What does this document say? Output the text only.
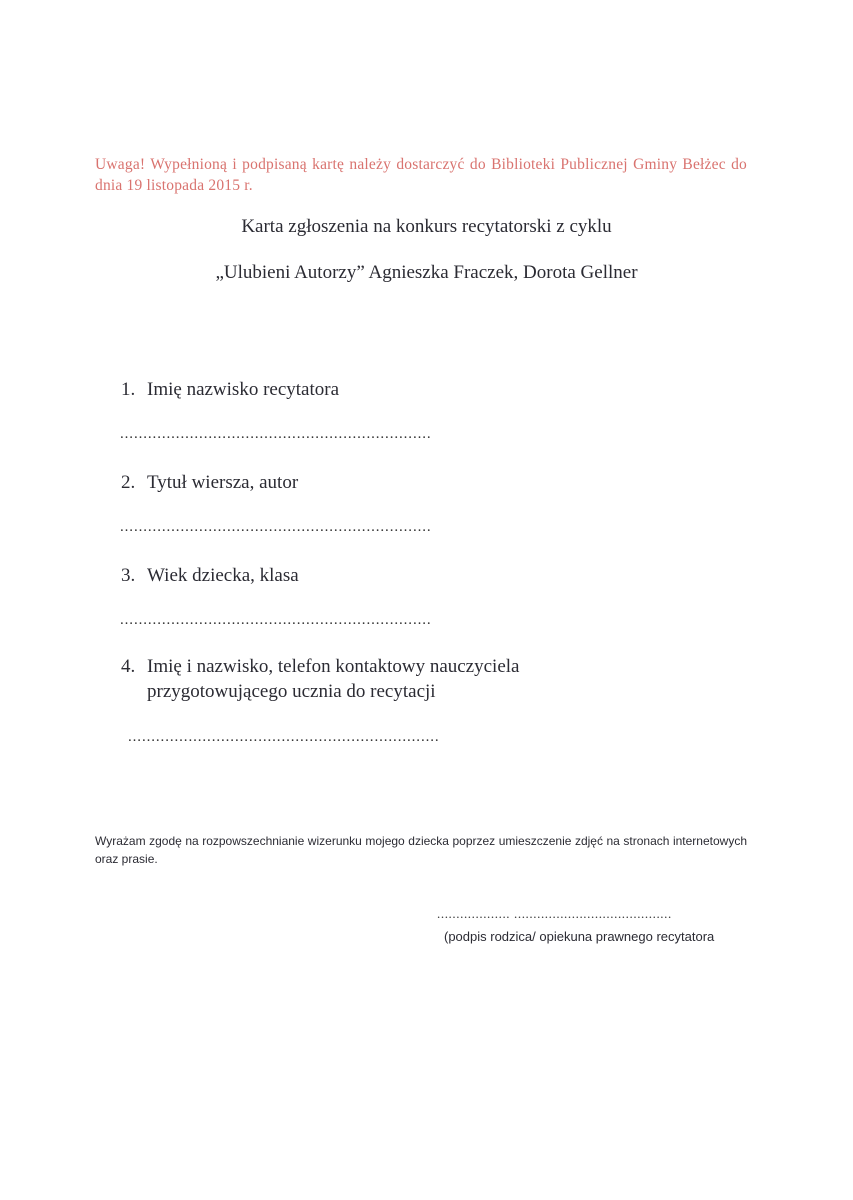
Uwaga! Wypełnioną i podpisaną kartę należy dostarczyć do Biblioteki Publicznej Gminy Bełżec do dnia 19 listopada 2015 r.
Karta zgłoszenia na konkurs recytatorski z cyklu
„Ulubieni Autorzy” Agnieszka Fraczek, Dorota Gellner
1. Imię nazwisko recytatora
...................................................................
2. Tytuł wiersza, autor
...................................................................
3. Wiek dziecka, klasa
...................................................................
4. Imię i nazwisko, telefon kontaktowy nauczyciela
przygotowującego ucznia do recytacji
...................................................................
Wyrażam zgodę na rozpowszechnianie wizerunku mojego dziecka poprzez umieszczenie zdjęć na stronach internetowych oraz prasie.
................... .........................................
(podpis rodzica/ opiekuna prawnego recytatora
